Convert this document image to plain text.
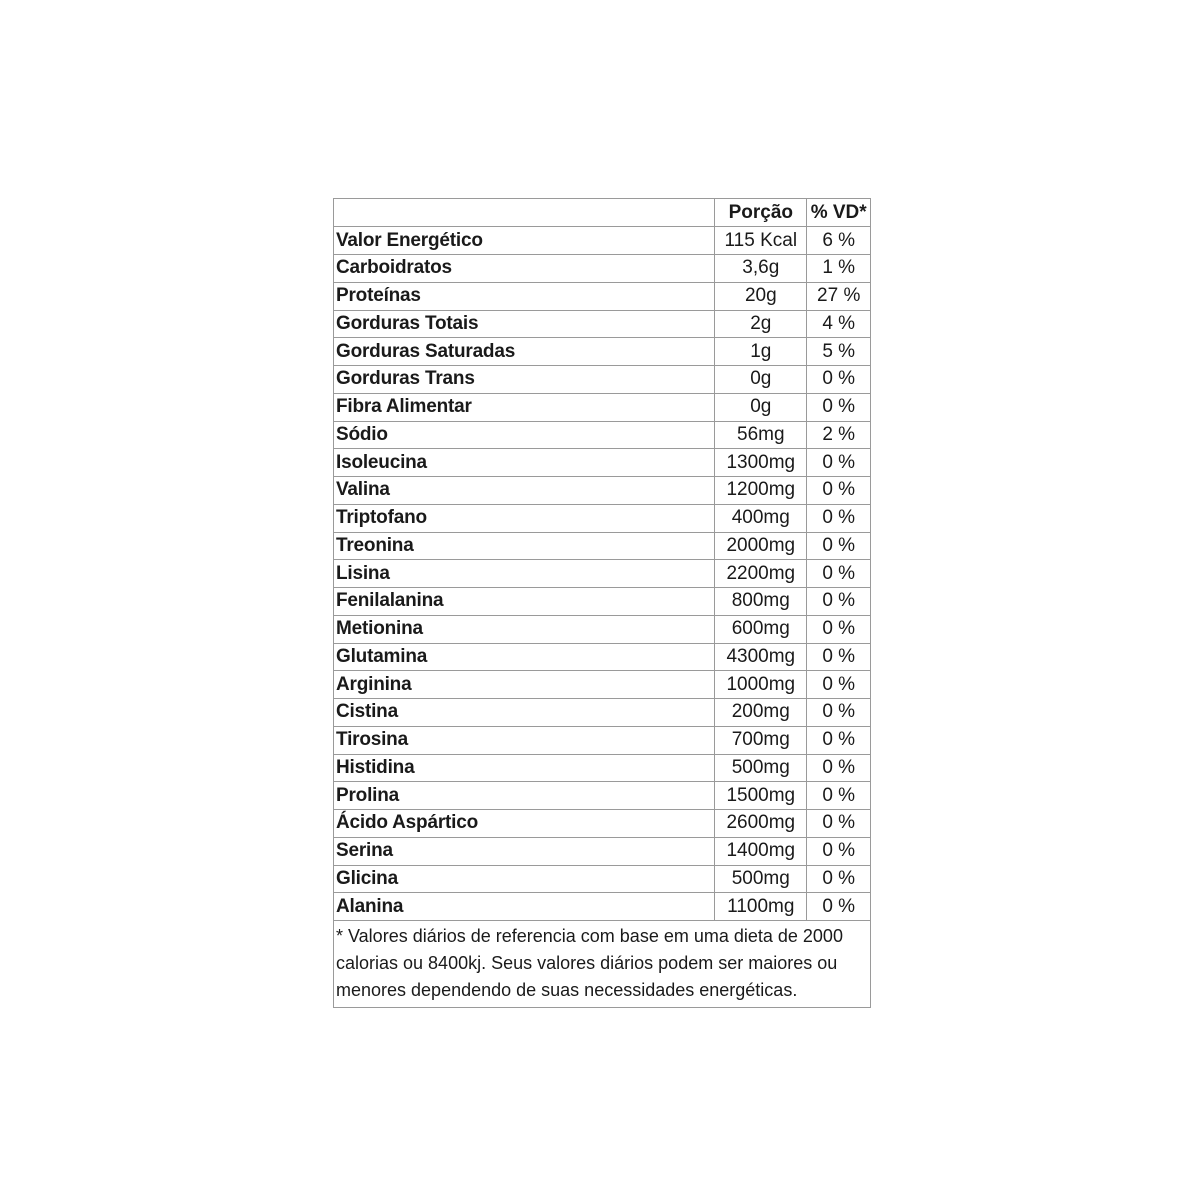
	Porção	% VD*
Valor Energético	115 Kcal	6 %
Carboidratos	3,6g	1 %
Proteínas	20g	27 %
Gorduras Totais	2g	4 %
Gorduras Saturadas	1g	5 %
Gorduras Trans	0g	0 %
Fibra Alimentar	0g	0 %
Sódio	56mg	2 %
Isoleucina	1300mg	0 %
Valina	1200mg	0 %
Triptofano	400mg	0 %
Treonina	2000mg	0 %
Lisina	2200mg	0 %
Fenilalanina	800mg	0 %
Metionina	600mg	0 %
Glutamina	4300mg	0 %
Arginina	1000mg	0 %
Cistina	200mg	0 %
Tirosina	700mg	0 %
Histidina	500mg	0 %
Prolina	1500mg	0 %
Ácido Aspártico	2600mg	0 %
Serina	1400mg	0 %
Glicina	500mg	0 %
Alanina	1100mg	0 %
* Valores diários de referencia com base em uma dieta de 2000 calorias ou 8400kj. Seus valores diários podem ser maiores ou menores dependendo de suas necessidades energéticas.
